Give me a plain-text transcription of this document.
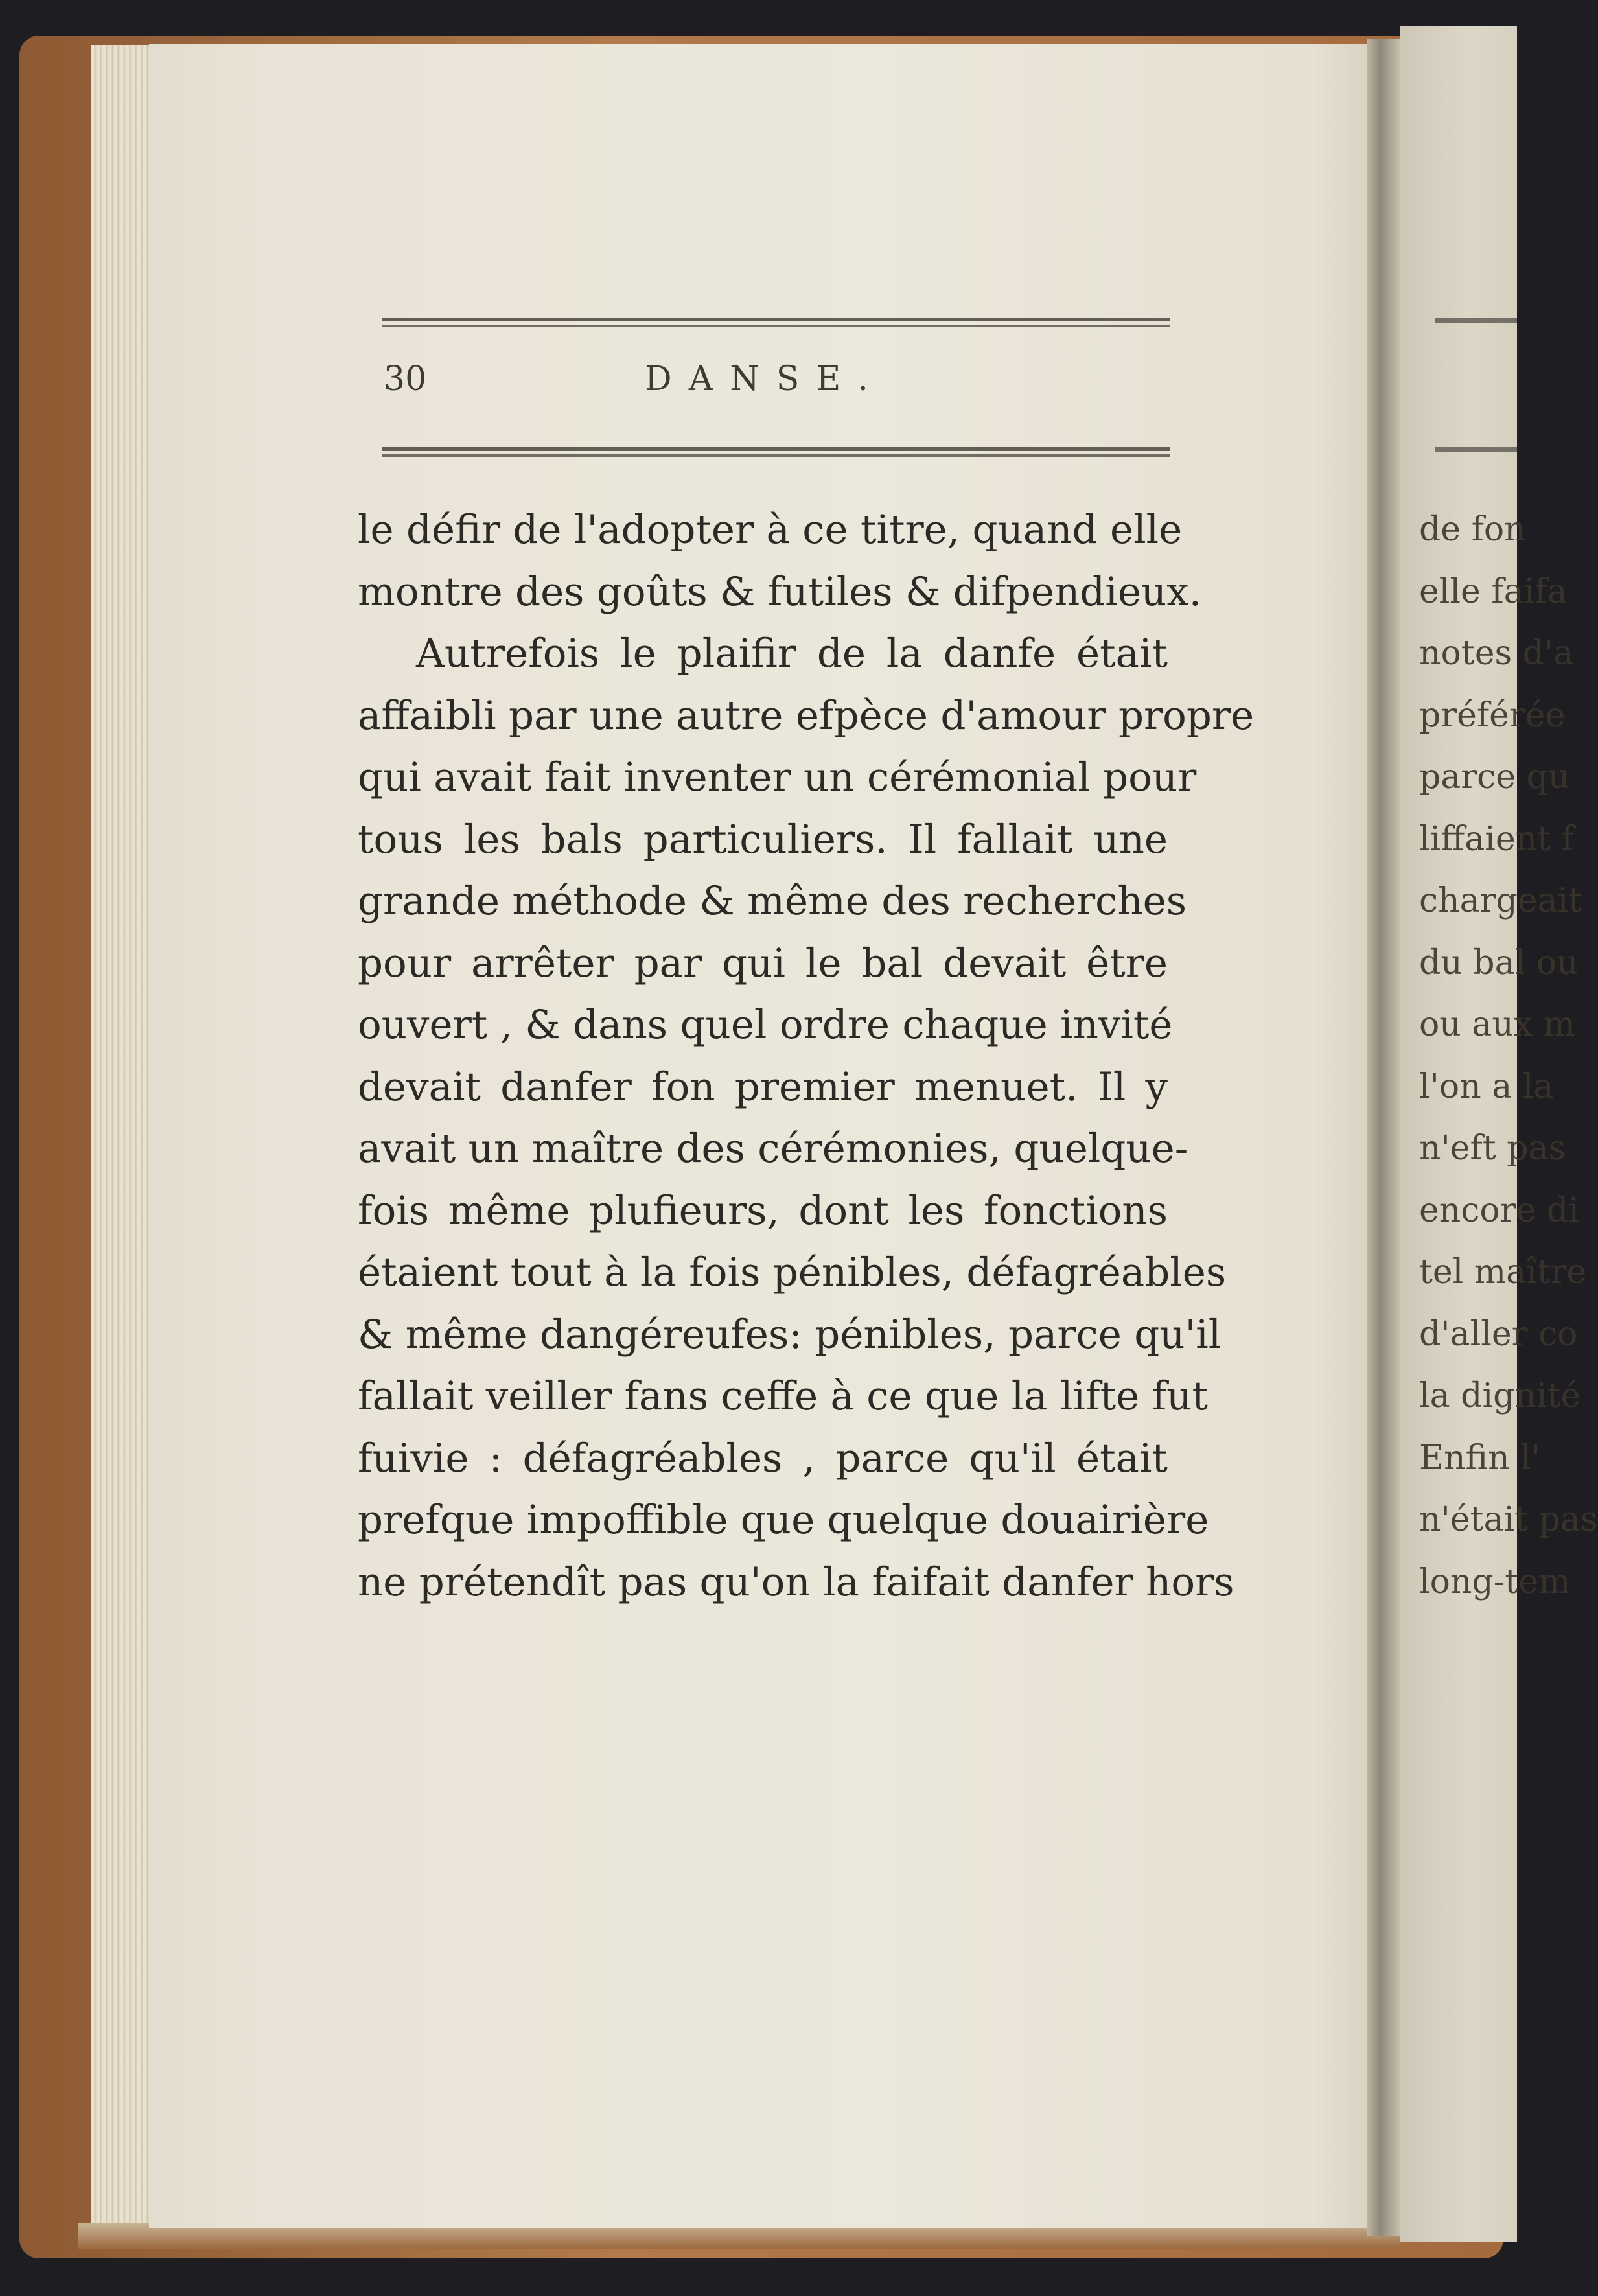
30	DANSE.
le défir de l'adopter à ce titre, quand elle
montre des goûts & futiles & difpendieux.
Autrefois le plaifir de la danfe était
affaibli par une autre efpèce d'amour propre
qui avait fait inventer un cérémonial pour
tous les bals particuliers. Il fallait une
grande méthode & même des recherches
pour arrêter par qui le bal devait être
ouvert , & dans quel ordre chaque invité
devait danfer fon premier menuet. Il y
avait un maître des cérémonies, quelque-
fois même plufieurs, dont les fonctions
étaient tout à la fois pénibles, défagréables
& même dangéreufes: pénibles, parce qu'il
fallait veiller fans ceffe à ce que la lifte fut
fuivie : défagréables , parce qu'il était
prefque impoffible que quelque douairière
ne prétendît pas qu'on la faifait danfer hors
de fon
elle faifa
notes d'a
préférée
parce qu
liffaient f
chargeait
du bal ou
ou aux m
l'on a la
n'eft pas
encore di
tel maître
d'aller co
la dignité
Enfin l'
n'était pas
long-tem
